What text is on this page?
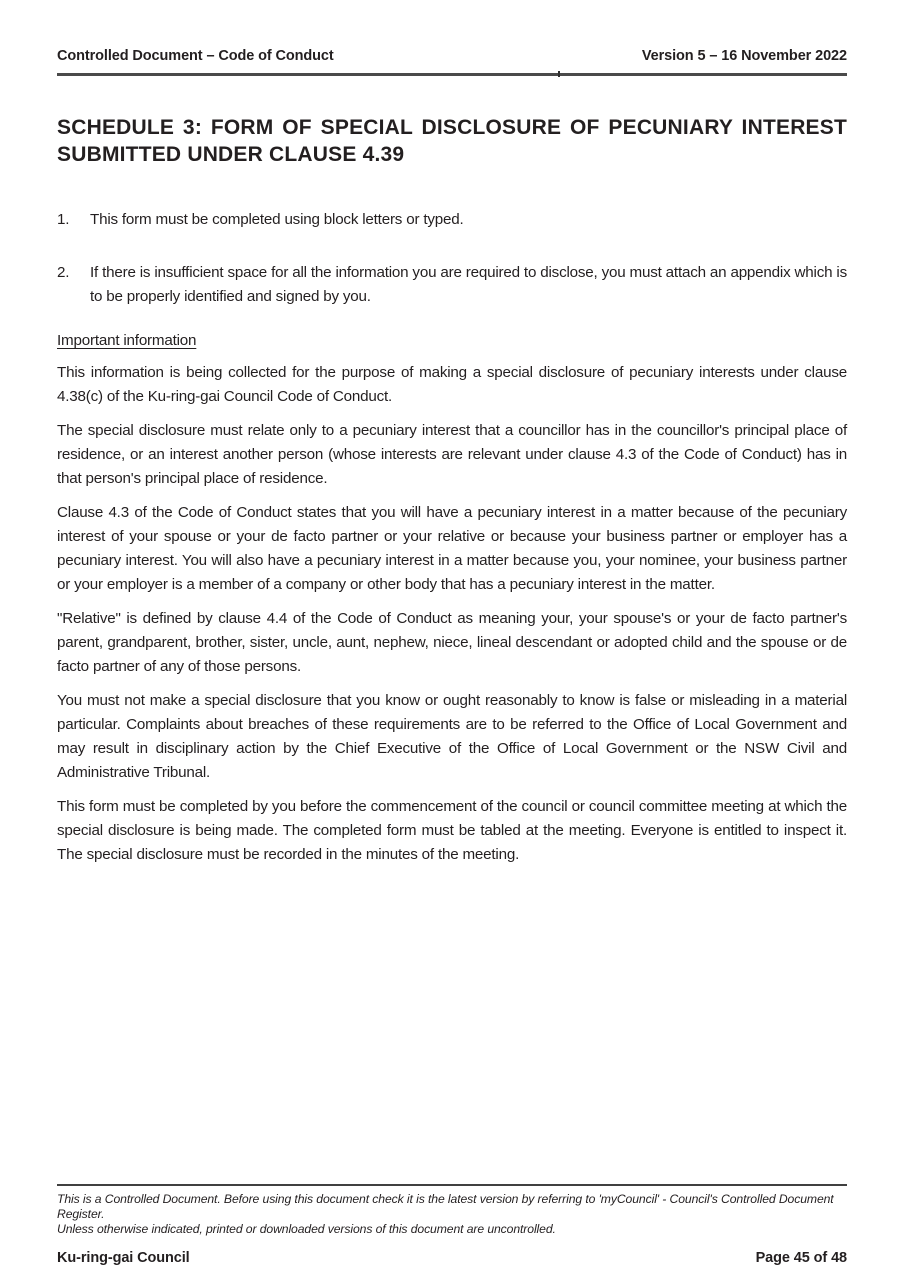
Controlled Document – Code of Conduct	Version 5 – 16 November 2022
SCHEDULE 3: FORM OF SPECIAL DISCLOSURE OF PECUNIARY INTEREST SUBMITTED UNDER CLAUSE 4.39
1.	This form must be completed using block letters or typed.
2.	If there is insufficient space for all the information you are required to disclose, you must attach an appendix which is to be properly identified and signed by you.
Important information

This information is being collected for the purpose of making a special disclosure of pecuniary interests under clause 4.38(c) of the Ku-ring-gai Council Code of Conduct.

The special disclosure must relate only to a pecuniary interest that a councillor has in the councillor's principal place of residence, or an interest another person (whose interests are relevant under clause 4.3 of the Code of Conduct) has in that person's principal place of residence.

Clause 4.3 of the Code of Conduct states that you will have a pecuniary interest in a matter because of the pecuniary interest of your spouse or your de facto partner or your relative or because your business partner or employer has a pecuniary interest. You will also have a pecuniary interest in a matter because you, your nominee, your business partner or your employer is a member of a company or other body that has a pecuniary interest in the matter.

"Relative" is defined by clause 4.4 of the Code of Conduct as meaning your, your spouse's or your de facto partner's parent, grandparent, brother, sister, uncle, aunt, nephew, niece, lineal descendant or adopted child and the spouse or de facto partner of any of those persons.

You must not make a special disclosure that you know or ought reasonably to know is false or misleading in a material particular. Complaints about breaches of these requirements are to be referred to the Office of Local Government and may result in disciplinary action by the Chief Executive of the Office of Local Government or the NSW Civil and Administrative Tribunal.

This form must be completed by you before the commencement of the council or council committee meeting at which the special disclosure is being made. The completed form must be tabled at the meeting. Everyone is entitled to inspect it. The special disclosure must be recorded in the minutes of the meeting.

This is a Controlled Document. Before using this document check it is the latest version by referring to 'myCouncil' - Council's Controlled Document Register.
Unless otherwise indicated, printed or downloaded versions of this document are uncontrolled.
Ku-ring-gai Council	Page 45 of 48
